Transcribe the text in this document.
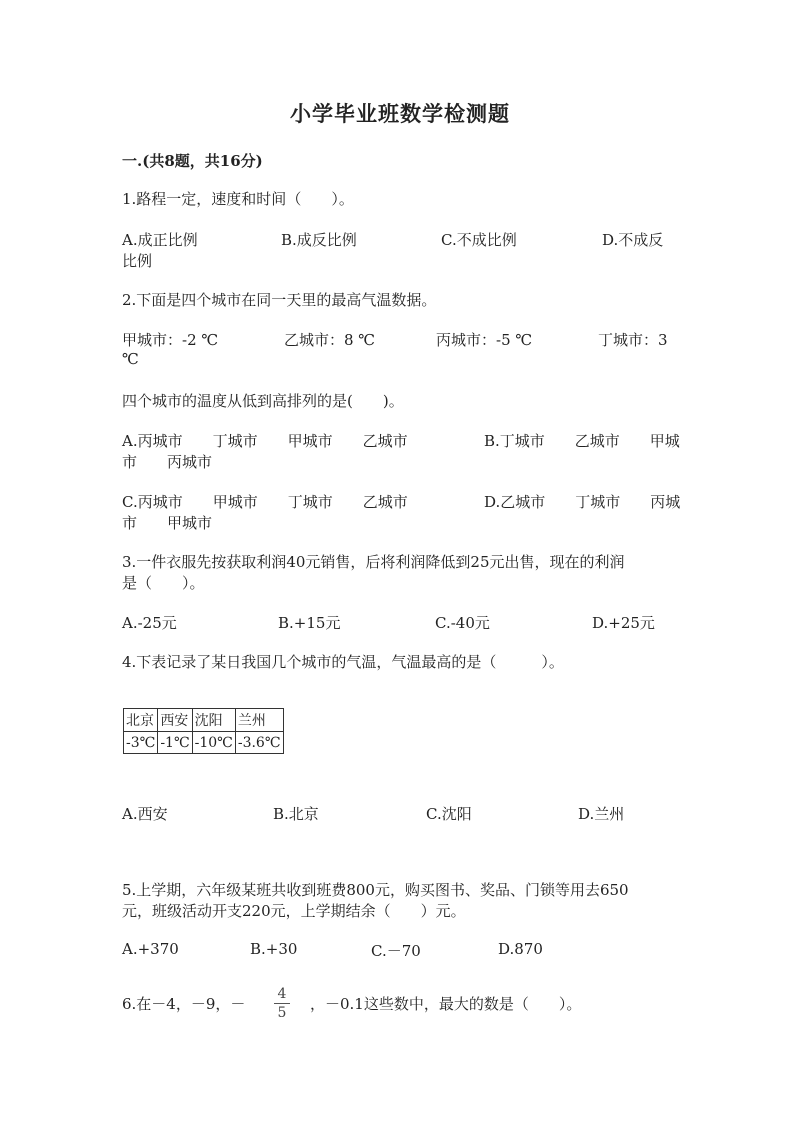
小学毕业班数学检测题
一.(共8题，共16分)
1.路程一定，速度和时间（　　）。
A.成正比例	B.成反比例	C.不成比例	D.不成反
比例
2.下面是四个城市在同一天里的最高气温数据。
甲城市：-2 ℃	乙城市：8 ℃	丙城市：-5 ℃	丁城市：3
℃
四个城市的温度从低到高排列的是(　　)。
A.丙城市　　丁城市　　甲城市　　乙城市	B.丁城市　　乙城市　　甲城
市　　丙城市
C.丙城市　　甲城市　　丁城市　　乙城市	D.乙城市　　丁城市　　丙城
市　　甲城市
3.一件衣服先按获取利润40元销售，后将利润降低到25元出售，现在的利润
是（　　）。
A.-25元	B.+15元	C.-40元	D.+25元
4.下表记录了某日我国几个城市的气温，气温最高的是（　　　）。
北京	西安	沈阳	兰州
-3℃	-1℃	-10℃	-3.6℃
A.西安	B.北京	C.沈阳	D.兰州
5.上学期，六年级某班共收到班费800元，购买图书、奖品、门锁等用去650
元，班级活动开支220元，上学期结余（　　）元。
A.+370	B.+30	C.－70	D.870
6.在－4，－9，－
4
5 ，－0.1这些数中，最大的数是（　　）。
